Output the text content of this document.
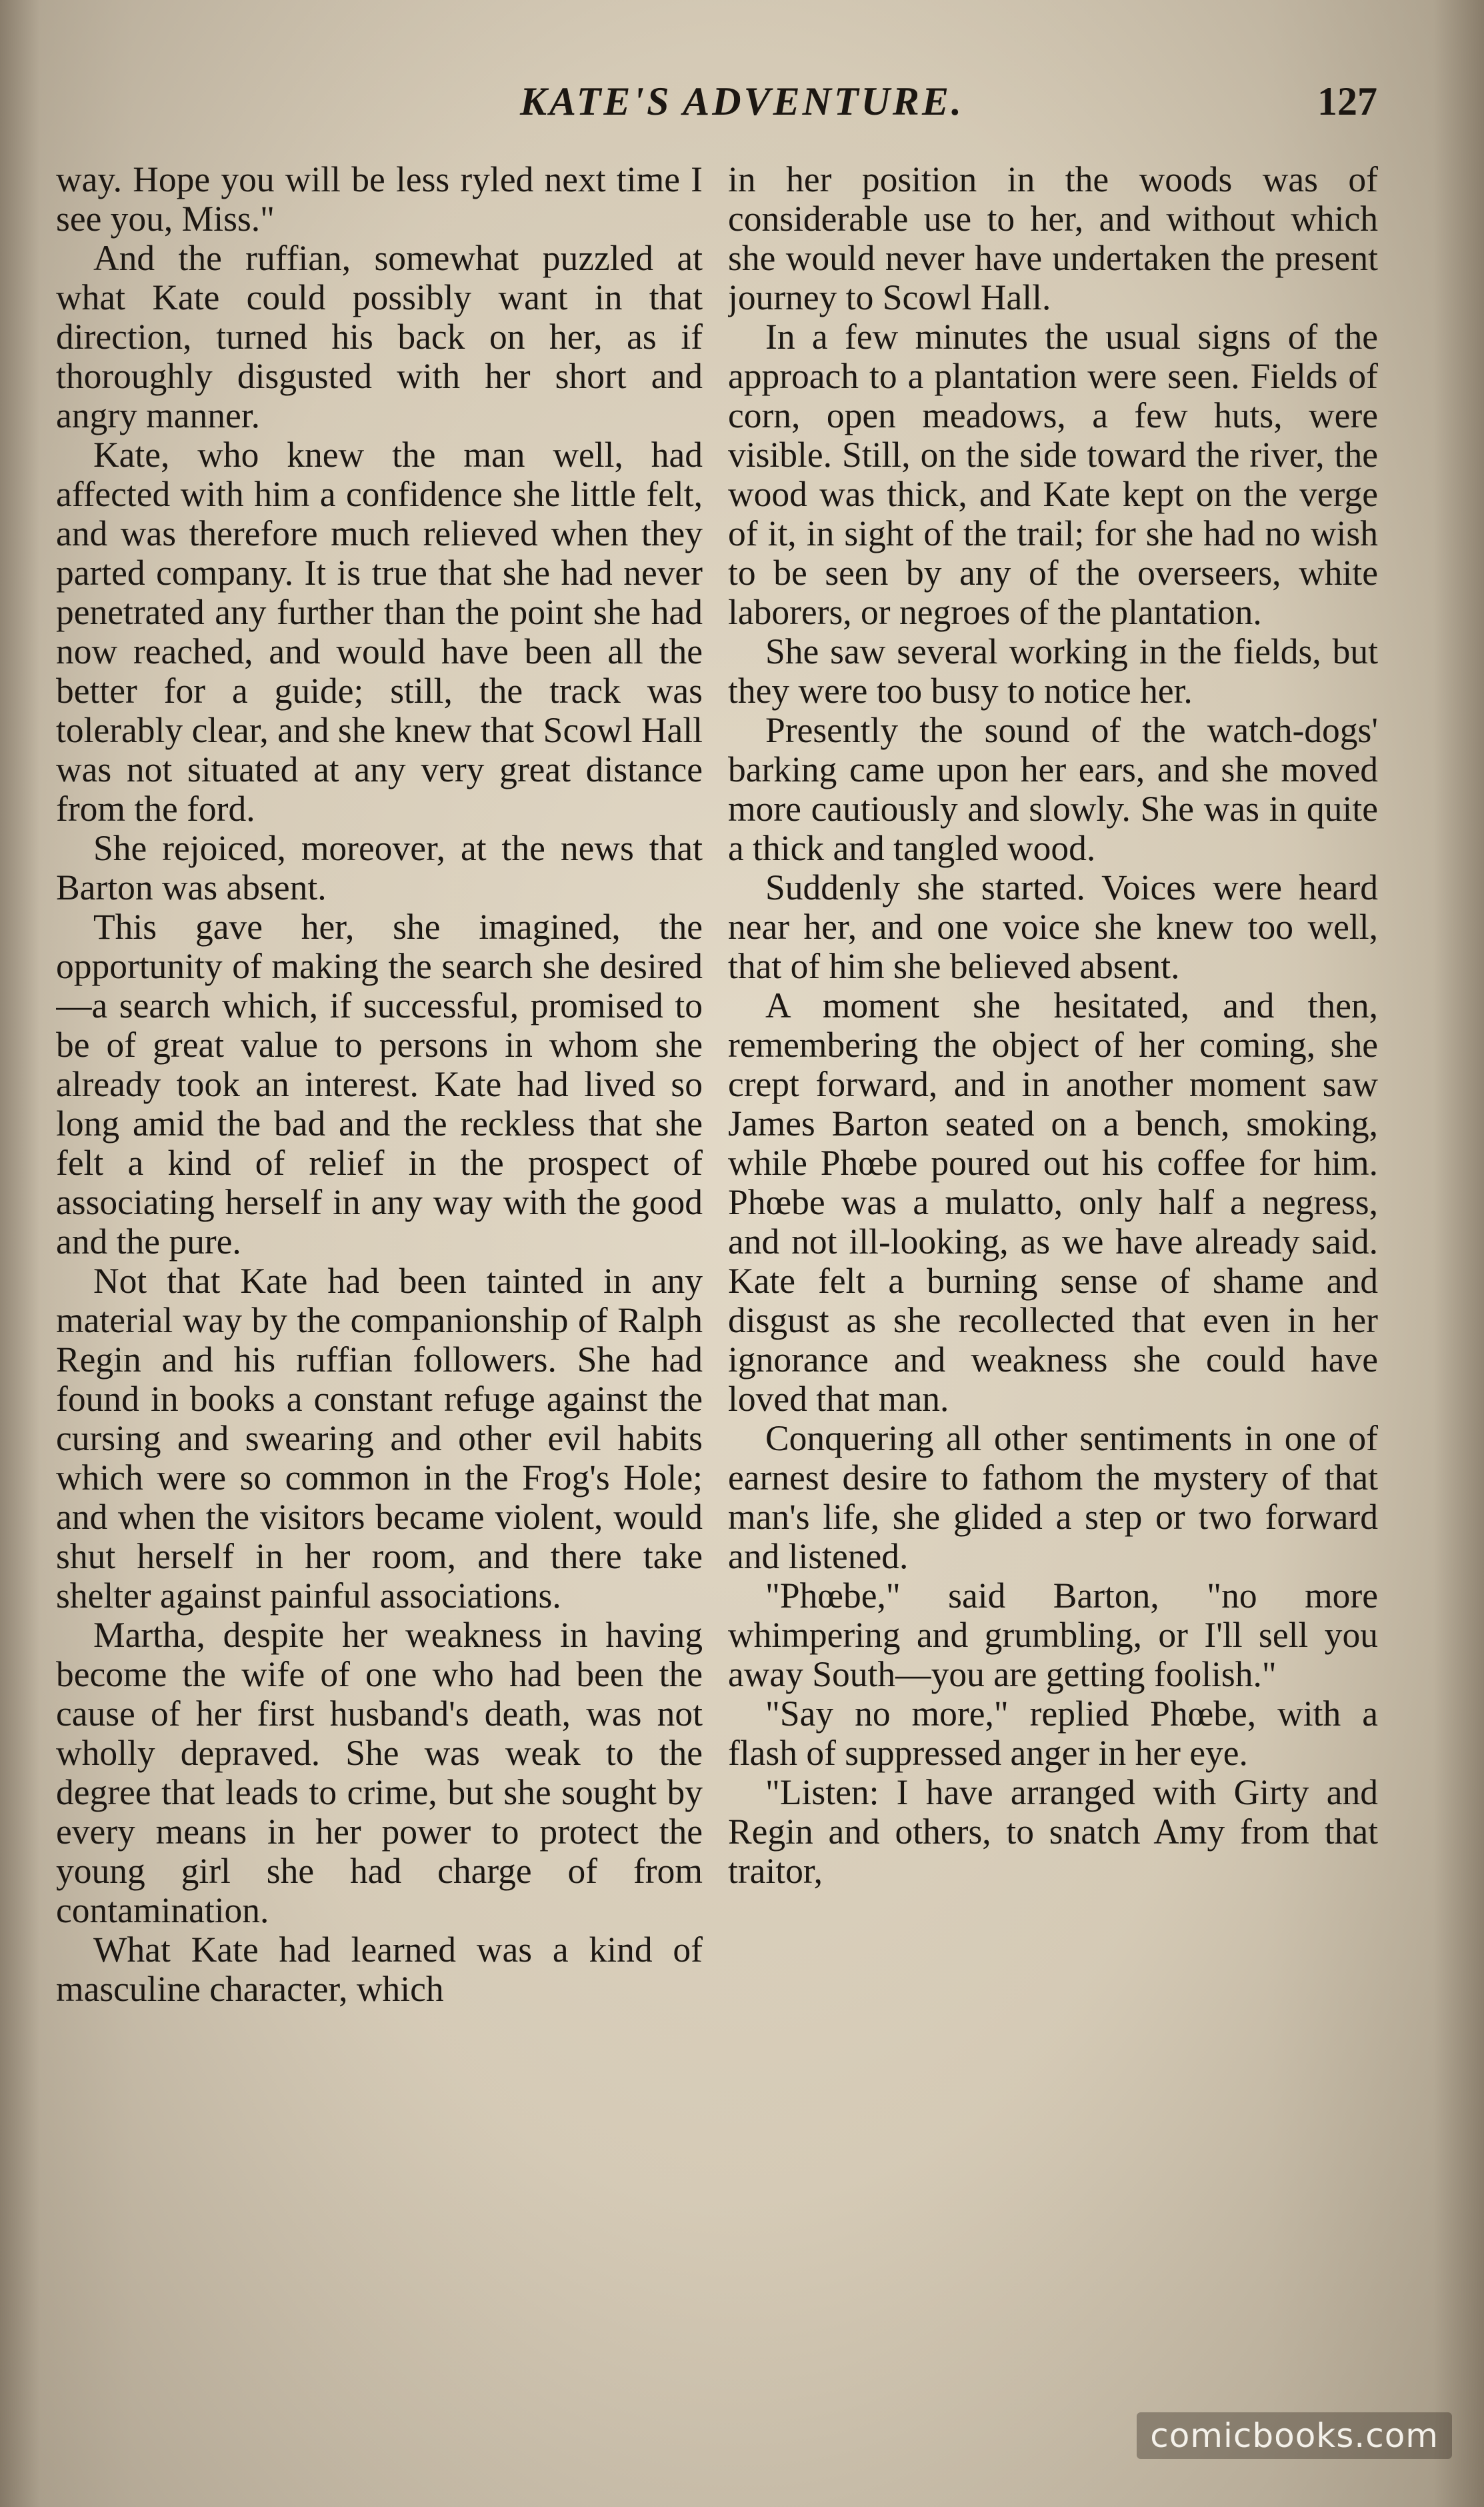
KATE'S ADVENTURE.	127

way. Hope you will be less ryled next time I see you, Miss."

And the ruffian, somewhat puzzled at what Kate could possibly want in that direction, turned his back on her, as if thoroughly disgusted with her short and angry manner.

Kate, who knew the man well, had affected with him a confidence she little felt, and was therefore much relieved when they parted company. It is true that she had never penetrated any further than the point she had now reached, and would have been all the better for a guide; still, the track was tolerably clear, and she knew that Scowl Hall was not situated at any very great distance from the ford.

She rejoiced, moreover, at the news that Barton was absent.

This gave her, she imagined, the opportunity of making the search she desired—a search which, if successful, promised to be of great value to persons in whom she already took an interest. Kate had lived so long amid the bad and the reckless that she felt a kind of relief in the prospect of associating herself in any way with the good and the pure.

Not that Kate had been tainted in any material way by the companionship of Ralph Regin and his ruffian followers. She had found in books a constant refuge against the cursing and swearing and other evil habits which were so common in the Frog's Hole; and when the visitors became violent, would shut herself in her room, and there take shelter against painful associations.

Martha, despite her weakness in having become the wife of one who had been the cause of her first husband's death, was not wholly depraved. She was weak to the degree that leads to crime, but she sought by every means in her power to protect the young girl she had charge of from contamination.

What Kate had learned was a kind of masculine character, which

in her position in the woods was of considerable use to her, and without which she would never have undertaken the present journey to Scowl Hall.

In a few minutes the usual signs of the approach to a plantation were seen. Fields of corn, open meadows, a few huts, were visible. Still, on the side toward the river, the wood was thick, and Kate kept on the verge of it, in sight of the trail; for she had no wish to be seen by any of the overseers, white laborers, or negroes of the plantation.

She saw several working in the fields, but they were too busy to notice her.

Presently the sound of the watch-dogs' barking came upon her ears, and she moved more cautiously and slowly. She was in quite a thick and tangled wood.

Suddenly she started. Voices were heard near her, and one voice she knew too well, that of him she believed absent.

A moment she hesitated, and then, remembering the object of her coming, she crept forward, and in another moment saw James Barton seated on a bench, smoking, while Phœbe poured out his coffee for him. Phœbe was a mulatto, only half a negress, and not ill-looking, as we have already said. Kate felt a burning sense of shame and disgust as she recollected that even in her ignorance and weakness she could have loved that man.

Conquering all other sentiments in one of earnest desire to fathom the mystery of that man's life, she glided a step or two forward and listened.

"Phœbe," said Barton, "no more whimpering and grumbling, or I'll sell you away South—you are getting foolish."

"Say no more," replied Phœbe, with a flash of suppressed anger in her eye.

"Listen: I have arranged with Girty and Regin and others, to snatch Amy from that traitor,

comicbooks.com
